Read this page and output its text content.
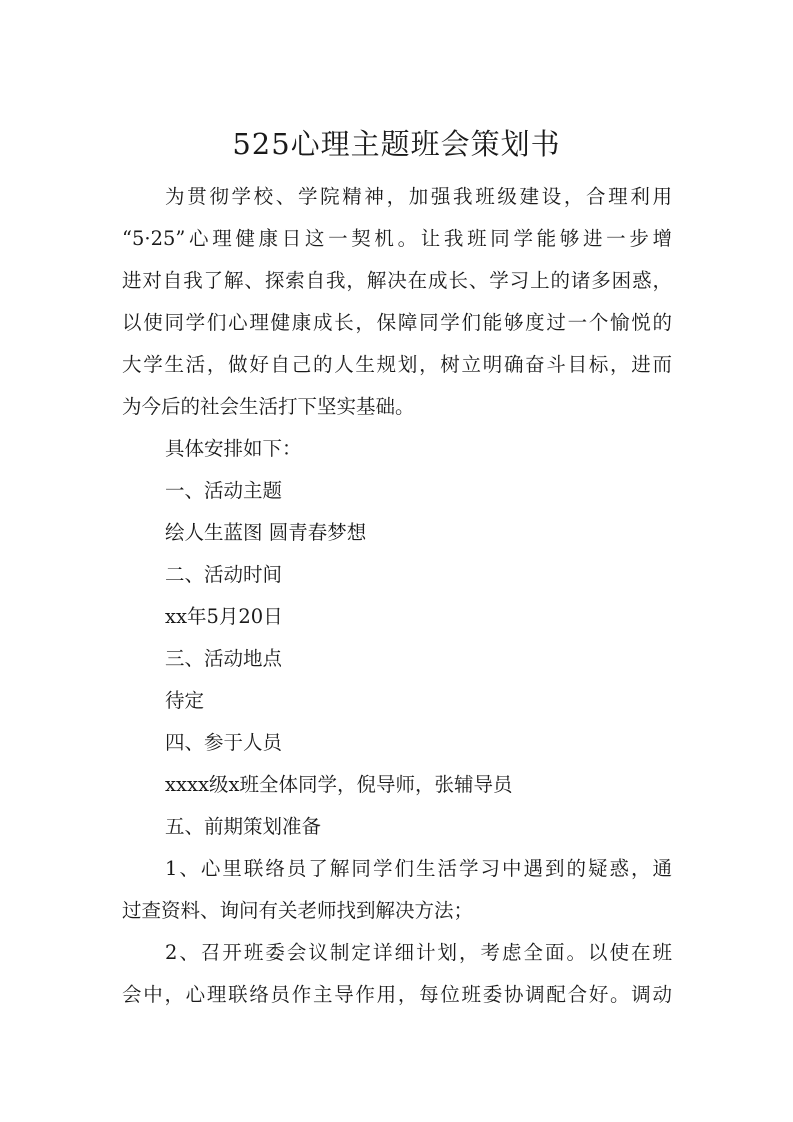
525心理主题班会策划书
为贯彻学校、学院精神，加强我班级建设，合理利用
“5·25”心理健康日这一契机。让我班同学能够进一步增
进对自我了解、探索自我，解决在成长、学习上的诸多困惑，
以使同学们心理健康成长，保障同学们能够度过一个愉悦的
大学生活，做好自己的人生规划，树立明确奋斗目标，进而
为今后的社会生活打下坚实基础。
具体安排如下：
一、活动主题
绘人生蓝图 圆青春梦想
二、活动时间
xx年5月20日
三、活动地点
待定
四、参于人员
xxxx级x班全体同学，倪导师，张辅导员
五、前期策划准备
1、心里联络员了解同学们生活学习中遇到的疑惑，通
过查资料、询问有关老师找到解决方法；
2、召开班委会议制定详细计划，考虑全面。以使在班
会中，心理联络员作主导作用，每位班委协调配合好。调动
